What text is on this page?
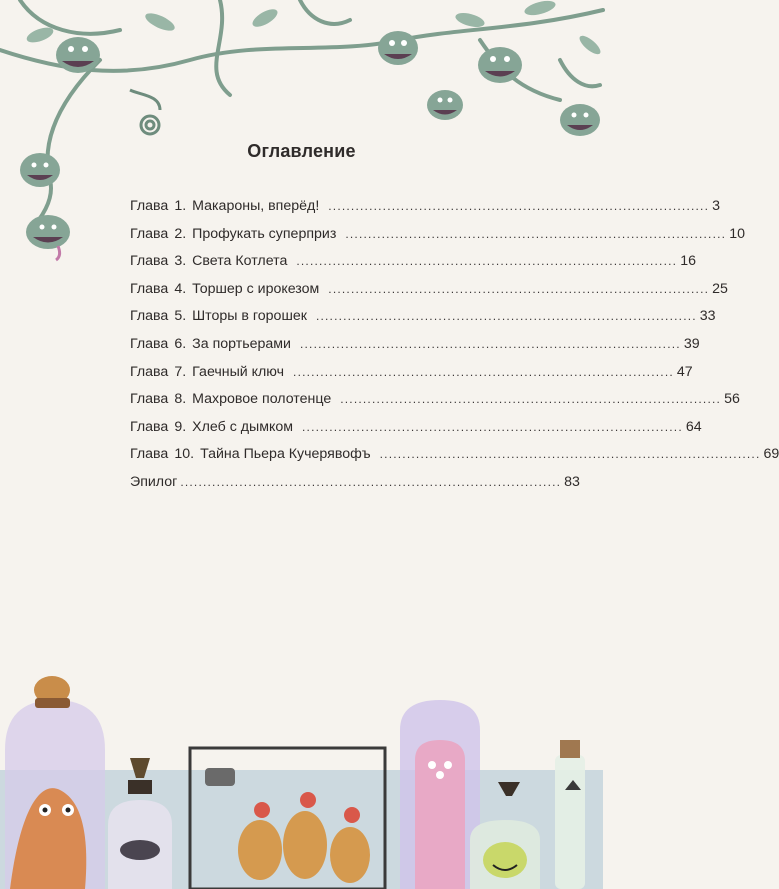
Оглавление
Глава 1. Макароны, вперёд! .................................................................................... 3
Глава 2. Профукать суперприз .................................................................................... 10
Глава 3. Света Котлета .................................................................................... 16
Глава 4. Торшер с ирокезом .................................................................................... 25
Глава 5. Шторы в горошек .................................................................................... 33
Глава 6. За портьерами .................................................................................... 39
Глава 7. Гаечный ключ .................................................................................... 47
Глава 8. Махровое полотенце .................................................................................... 56
Глава 9. Хлеб с дымком .................................................................................... 64
Глава 10. Тайна Пьера Кучерявофъ .................................................................................... 69
Эпилог .................................................................................... 83
